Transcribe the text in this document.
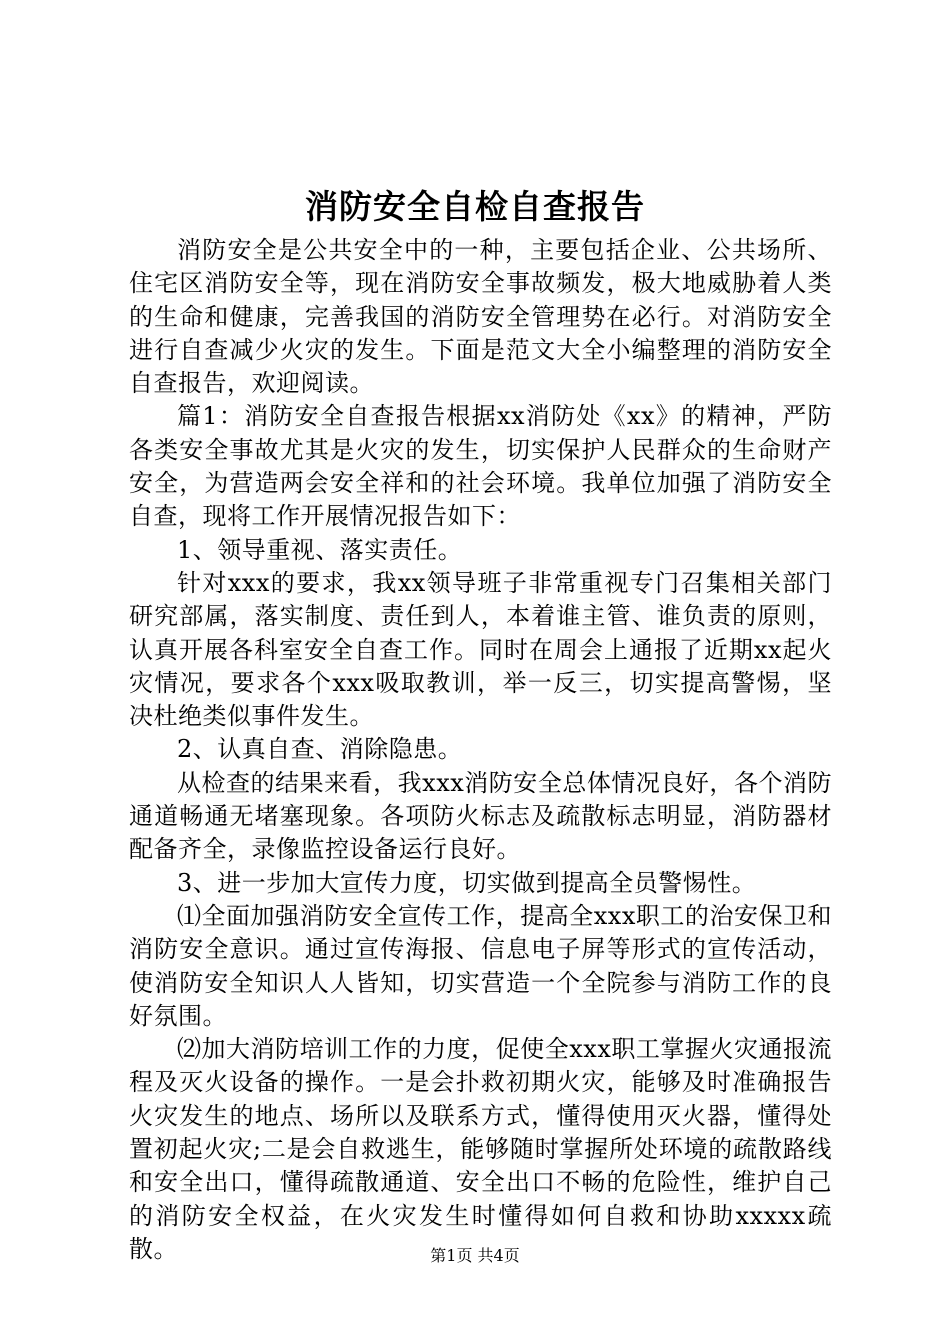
消防安全自检自查报告

消防安全是公共安全中的一种，主要包括企业、公共场所、住宅区消防安全等，现在消防安全事故频发，极大地威胁着人类的生命和健康，完善我国的消防安全管理势在必行。对消防安全进行自查减少火灾的发生。下面是范文大全小编整理的消防安全自查报告，欢迎阅读。

篇1：消防安全自查报告根据xx消防处《xx》的精神，严防各类安全事故尤其是火灾的发生，切实保护人民群众的生命财产安全，为营造两会安全祥和的社会环境。我单位加强了消防安全自查，现将工作开展情况报告如下：

1、领导重视、落实责任。

针对xxx的要求，我xx领导班子非常重视专门召集相关部门研究部属，落实制度、责任到人，本着谁主管、谁负责的原则，认真开展各科室安全自查工作。同时在周会上通报了近期xx起火灾情况，要求各个xxx吸取教训，举一反三，切实提高警惕，坚决杜绝类似事件发生。

2、认真自查、消除隐患。

从检查的结果来看，我xxx消防安全总体情况良好，各个消防通道畅通无堵塞现象。各项防火标志及疏散标志明显，消防器材配备齐全，录像监控设备运行良好。

3、进一步加大宣传力度，切实做到提高全员警惕性。

⑴全面加强消防安全宣传工作，提高全xxx职工的治安保卫和消防安全意识。通过宣传海报、信息电子屏等形式的宣传活动，使消防安全知识人人皆知，切实营造一个全院参与消防工作的良好氛围。

⑵加大消防培训工作的力度，促使全xxx职工掌握火灾通报流程及灭火设备的操作。一是会扑救初期火灾，能够及时准确报告火灾发生的地点、场所以及联系方式，懂得使用灭火器，懂得处置初起火灾;二是会自救逃生，能够随时掌握所处环境的疏散路线和安全出口，懂得疏散通道、安全出口不畅的危险性，维护自己的消防安全权益，在火灾发生时懂得如何自救和协助xxxxx疏散。	第1页 共4页
